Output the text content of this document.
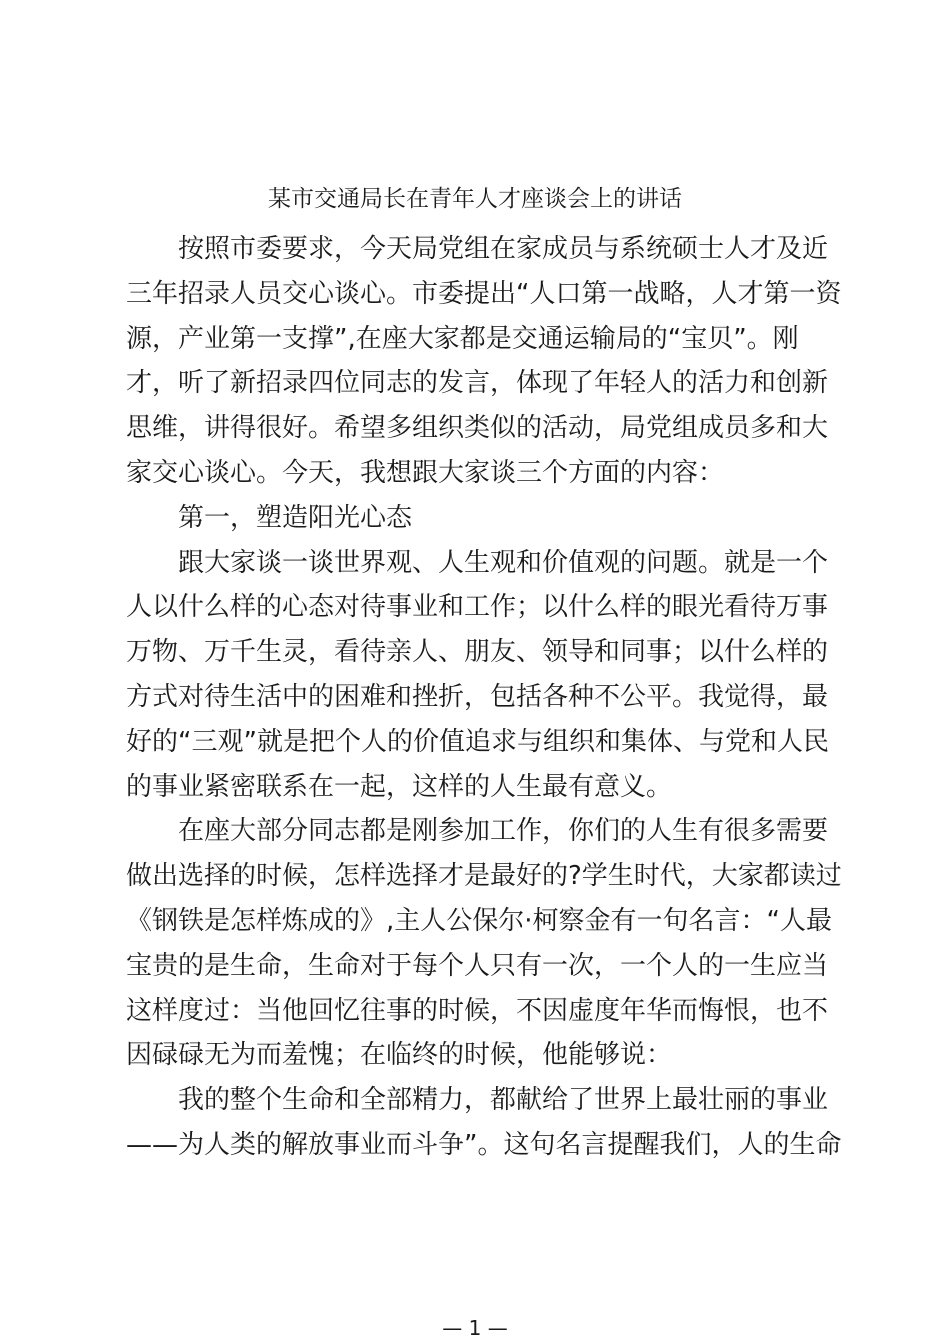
某市交通局长在青年人才座谈会上的讲话
按照市委要求，今天局党组在家成员与系统硕士人才及近
三年招录人员交心谈心。市委提出“人口第一战略，人才第一资
源，产业第一支撑”,在座大家都是交通运输局的“宝贝”。刚
才，听了新招录四位同志的发言，体现了年轻人的活力和创新
思维，讲得很好。希望多组织类似的活动，局党组成员多和大
家交心谈心。今天，我想跟大家谈三个方面的内容：
第一，塑造阳光心态
跟大家谈一谈世界观、人生观和价值观的问题。就是一个
人以什么样的心态对待事业和工作；以什么样的眼光看待万事
万物、万千生灵，看待亲人、朋友、领导和同事；以什么样的
方式对待生活中的困难和挫折，包括各种不公平。我觉得，最
好的“三观”就是把个人的价值追求与组织和集体、与党和人民
的事业紧密联系在一起，这样的人生最有意义。
在座大部分同志都是刚参加工作，你们的人生有很多需要
做出选择的时候，怎样选择才是最好的?学生时代，大家都读过
《钢铁是怎样炼成的》,主人公保尔·柯察金有一句名言：“人最
宝贵的是生命，生命对于每个人只有一次，一个人的一生应当
这样度过：当他回忆往事的时候，不因虚度年华而悔恨，也不
因碌碌无为而羞愧；在临终的时候，他能够说：
我的整个生命和全部精力，都献给了世界上最壮丽的事业
——为人类的解放事业而斗争”。这句名言提醒我们，人的生命
— 1 —
